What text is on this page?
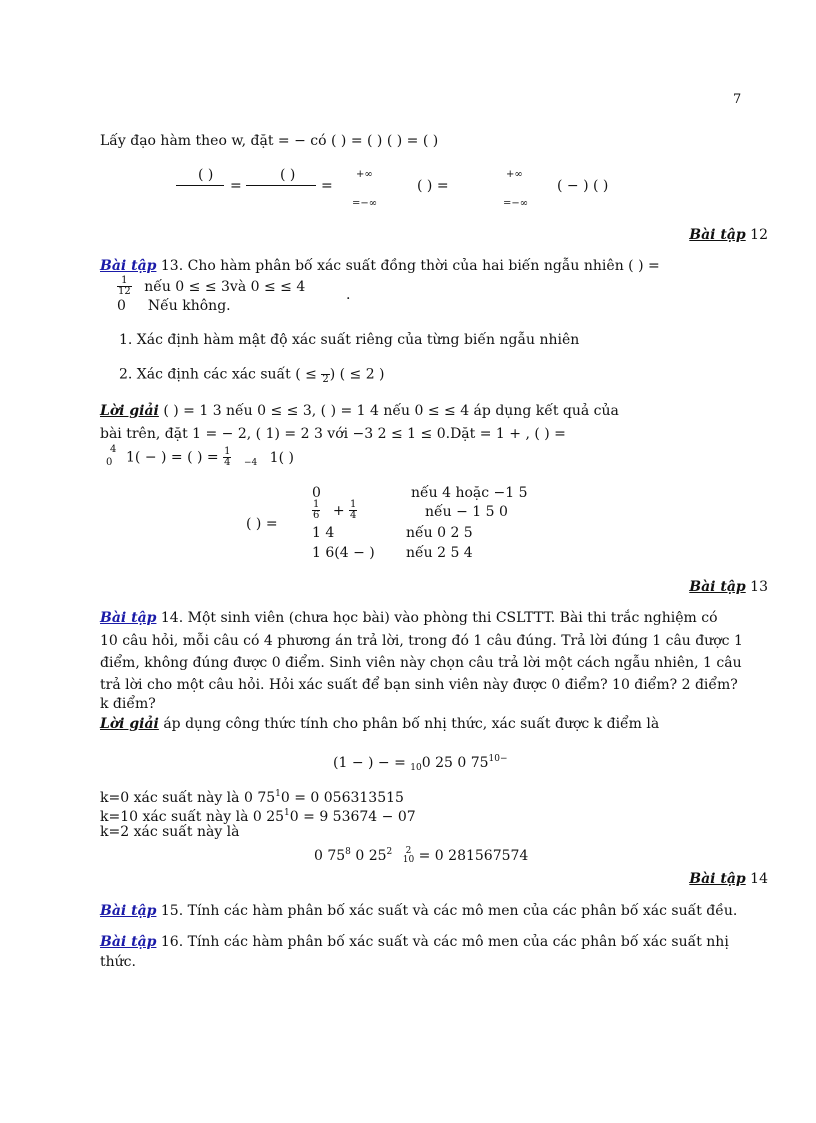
7
Lấy đạo hàm theo w, đặt = − có ( ) = ( ) ( ) = ( )
( )
=
( )
=
+∞
=−∞
( ) =
+∞
=−∞
( − ) ( )
Bài tập 12
Bài tập 13. Cho hàm phân bố xác suất đồng thời của hai biến ngẫu nhiên ( ) =
$\frac{1}{12}$ nếu 0 ≤ ≤ 3và 0 ≤ ≤ 4
.
0 Nếu không.
1. Xác định hàm mật độ xác suất riêng của từng biến ngẫu nhiên
2. Xác định các xác suất ( ≤
2 ) ( ≤ 2 )
Lời giải ( ) = 1 3 nếu 0 ≤ ≤ 3, ( ) = 1 4 nếu 0 ≤ ≤ 4 áp dụng kết quả của
bài trên, đặt 1 = − 2, ( 1) = 2 3 với −3 2 ≤ 1 ≤ 0.Dặt = 1 + , ( ) =
4
0 1( − ) = ( ) = $\frac{1}{4} _{-4}$ 1( )
( ) =
0	nếu 4 hoặc −1 5
$\frac{1}{6} + \frac{1}{4}$	nếu − 1 5 0
1 4	nếu 0 2 5
1 6(4 − ) nếu 2 5 4
Bài tập 13
Bài tập 14. Một sinh viên (chưa học bài) vào phòng thi CSLTTT. Bài thi trắc nghiệm có
10 câu hỏi, mỗi câu có 4 phương án trả lời, trong đó 1 câu đúng. Trả lời đúng 1 câu được 1
điểm, không đúng được 0 điểm. Sinh viên này chọn câu trả lời một cách ngẫu nhiên, 1 câu
trả lời cho một câu hỏi. Hỏi xác suất để bạn sinh viên này được 0 điểm? 10 điểm? 2 điểm?
k điểm?
Lời giải áp dụng công thức tính cho phân bố nhị thức, xác suất được k điểm là
(1 − ) − = $_{10}$0 25 0 $75^{10-}$
k=0 xác suất này là 0 $75^10 = 0$ 056313515
k=10 xác suất này là 0 $25^10 = 9$ 53674 − 07
k=2 xác suất này là
0 $75^8$ 0 $25^2$	2
10 = 0 281567574
Bài tập 14
Bài tập 15. Tính các hàm phân bố xác suất và các mô men của các phân bố xác suất đều.
Bài tập 16. Tính các hàm phân bố xác suất và các mô men của các phân bố xác suất nhị
thức.
